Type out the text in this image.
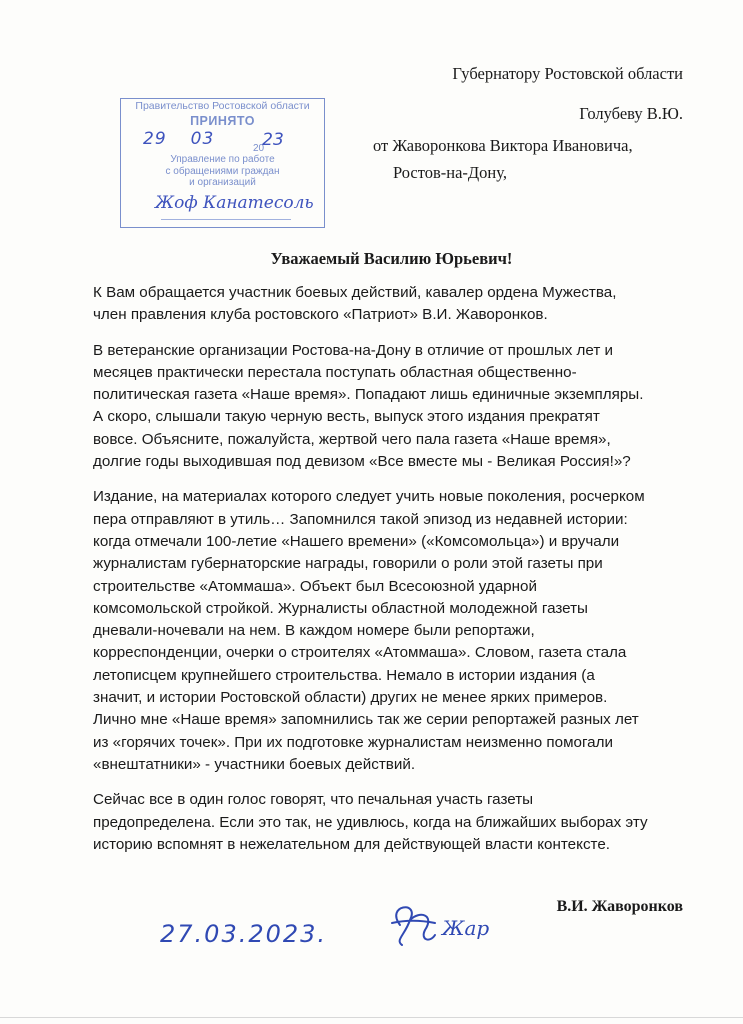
Губернатору Ростовской области
Голубеву В.Ю.
от Жаворонкова Виктора Ивановича,
Ростов-на-Дону,
Правительство Ростовской области
ПРИНЯТО
29 03	2023
Управление по работе
с обращениями граждан
и организаций
Жоф Канатесоль
Уважаемый Василию Юрьевич!

К Вам обращается участник боевых действий, кавалер ордена Мужества,
член правления клуба ростовского «Патриот» В.И. Жаворонков.

В ветеранские организации Ростова-на-Дону в отличие от прошлых лет и
месяцев практически перестала поступать областная общественно-
политическая газета «Наше время». Попадают лишь единичные экземпляры.
А скоро, слышали такую черную весть, выпуск этого издания прекратят
вовсе. Объясните, пожалуйста, жертвой чего пала газета «Наше время»,
долгие годы выходившая под девизом «Все вместе мы - Великая Россия!»?

Издание, на материалах которого следует учить новые поколения, росчерком
пера отправляют в утиль… Запомнился такой эпизод из недавней истории:
когда отмечали 100-летие «Нашего времени» («Комсомольца») и вручали
журналистам губернаторские награды, говорили о роли этой газеты при
строительстве «Атоммаша». Объект был Всесоюзной ударной
комсомольской стройкой. Журналисты областной молодежной газеты
дневали-ночевали на нем. В каждом номере были репортажи,
корреспонденции, очерки о строителях «Атоммаша». Словом, газета стала
летописцем крупнейшего строительства. Немало в истории издания (а
значит, и истории Ростовской области) других не менее ярких примеров.
Лично мне «Наше время» запомнились так же серии репортажей разных лет
из «горячих точек». При их подготовке журналистам неизменно помогали
«внештатники» - участники боевых действий.

Сейчас все в один голос говорят, что печальная участь газеты
предопределена. Если это так, не удивлюсь, когда на ближайших выборах эту
историю вспомнят в нежелательном для действующей власти контексте.

В.И. Жаворонков
27.03.2023.	Жар
